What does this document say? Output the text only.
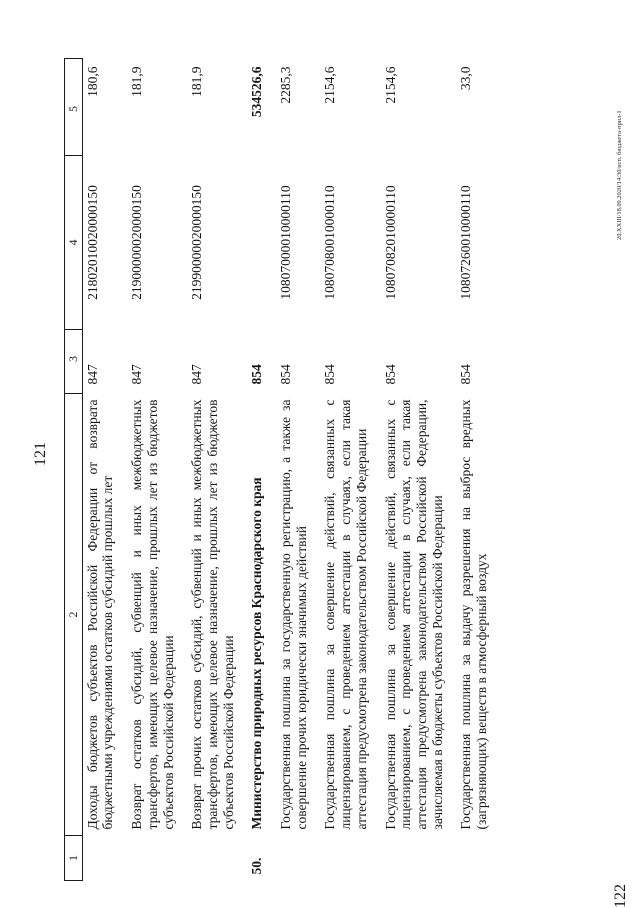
121
20.XXIII/18.09.2020/14:30/исп. бюджета-прил-1
122
1	2	3	4	5
	Доходы бюджетов субъектов Российской Федерации от возврата бюджетными учреждениями остатков субсидий прошлых лет	847	21802010020000150	180,6
	Возврат остатков субсидий, субвенций и иных межбюджетных трансфертов, имеющих целевое назначение, прошлых лет из бюджетов субъектов Российской Федерации	847	21900000020000150	181,9
	Возврат прочих остатков субсидий, субвенций и иных межбюджетных трансфертов, имеющих целевое назначение, прошлых лет из бюджетов субъектов Российской Федерации	847	21990000020000150	181,9
50.	Министерство природных ресурсов Краснодарского края	854		534526,6
	Государственная пошлина за государственную регистрацию, а также за совершение прочих юридически значимых действий	854	10807000010000110	2285,3
	Государственная пошлина за совершение действий, связанных с лицензированием, с проведением аттестации в случаях, если такая аттестация предусмотрена законодательством Российской Федерации	854	10807080010000110	2154,6
	Государственная пошлина за совершение действий, связанных с лицензированием, с проведением аттестации в случаях, если такая аттестация предусмотрена законодательством Российской Федерации, зачисляемая в бюджеты субъектов Российской Федерации	854	10807082010000110	2154,6
	Государственная пошлина за выдачу разрешения на выброс вредных (загрязняющих) веществ в атмосферный воздух	854	10807260010000110	33,0
